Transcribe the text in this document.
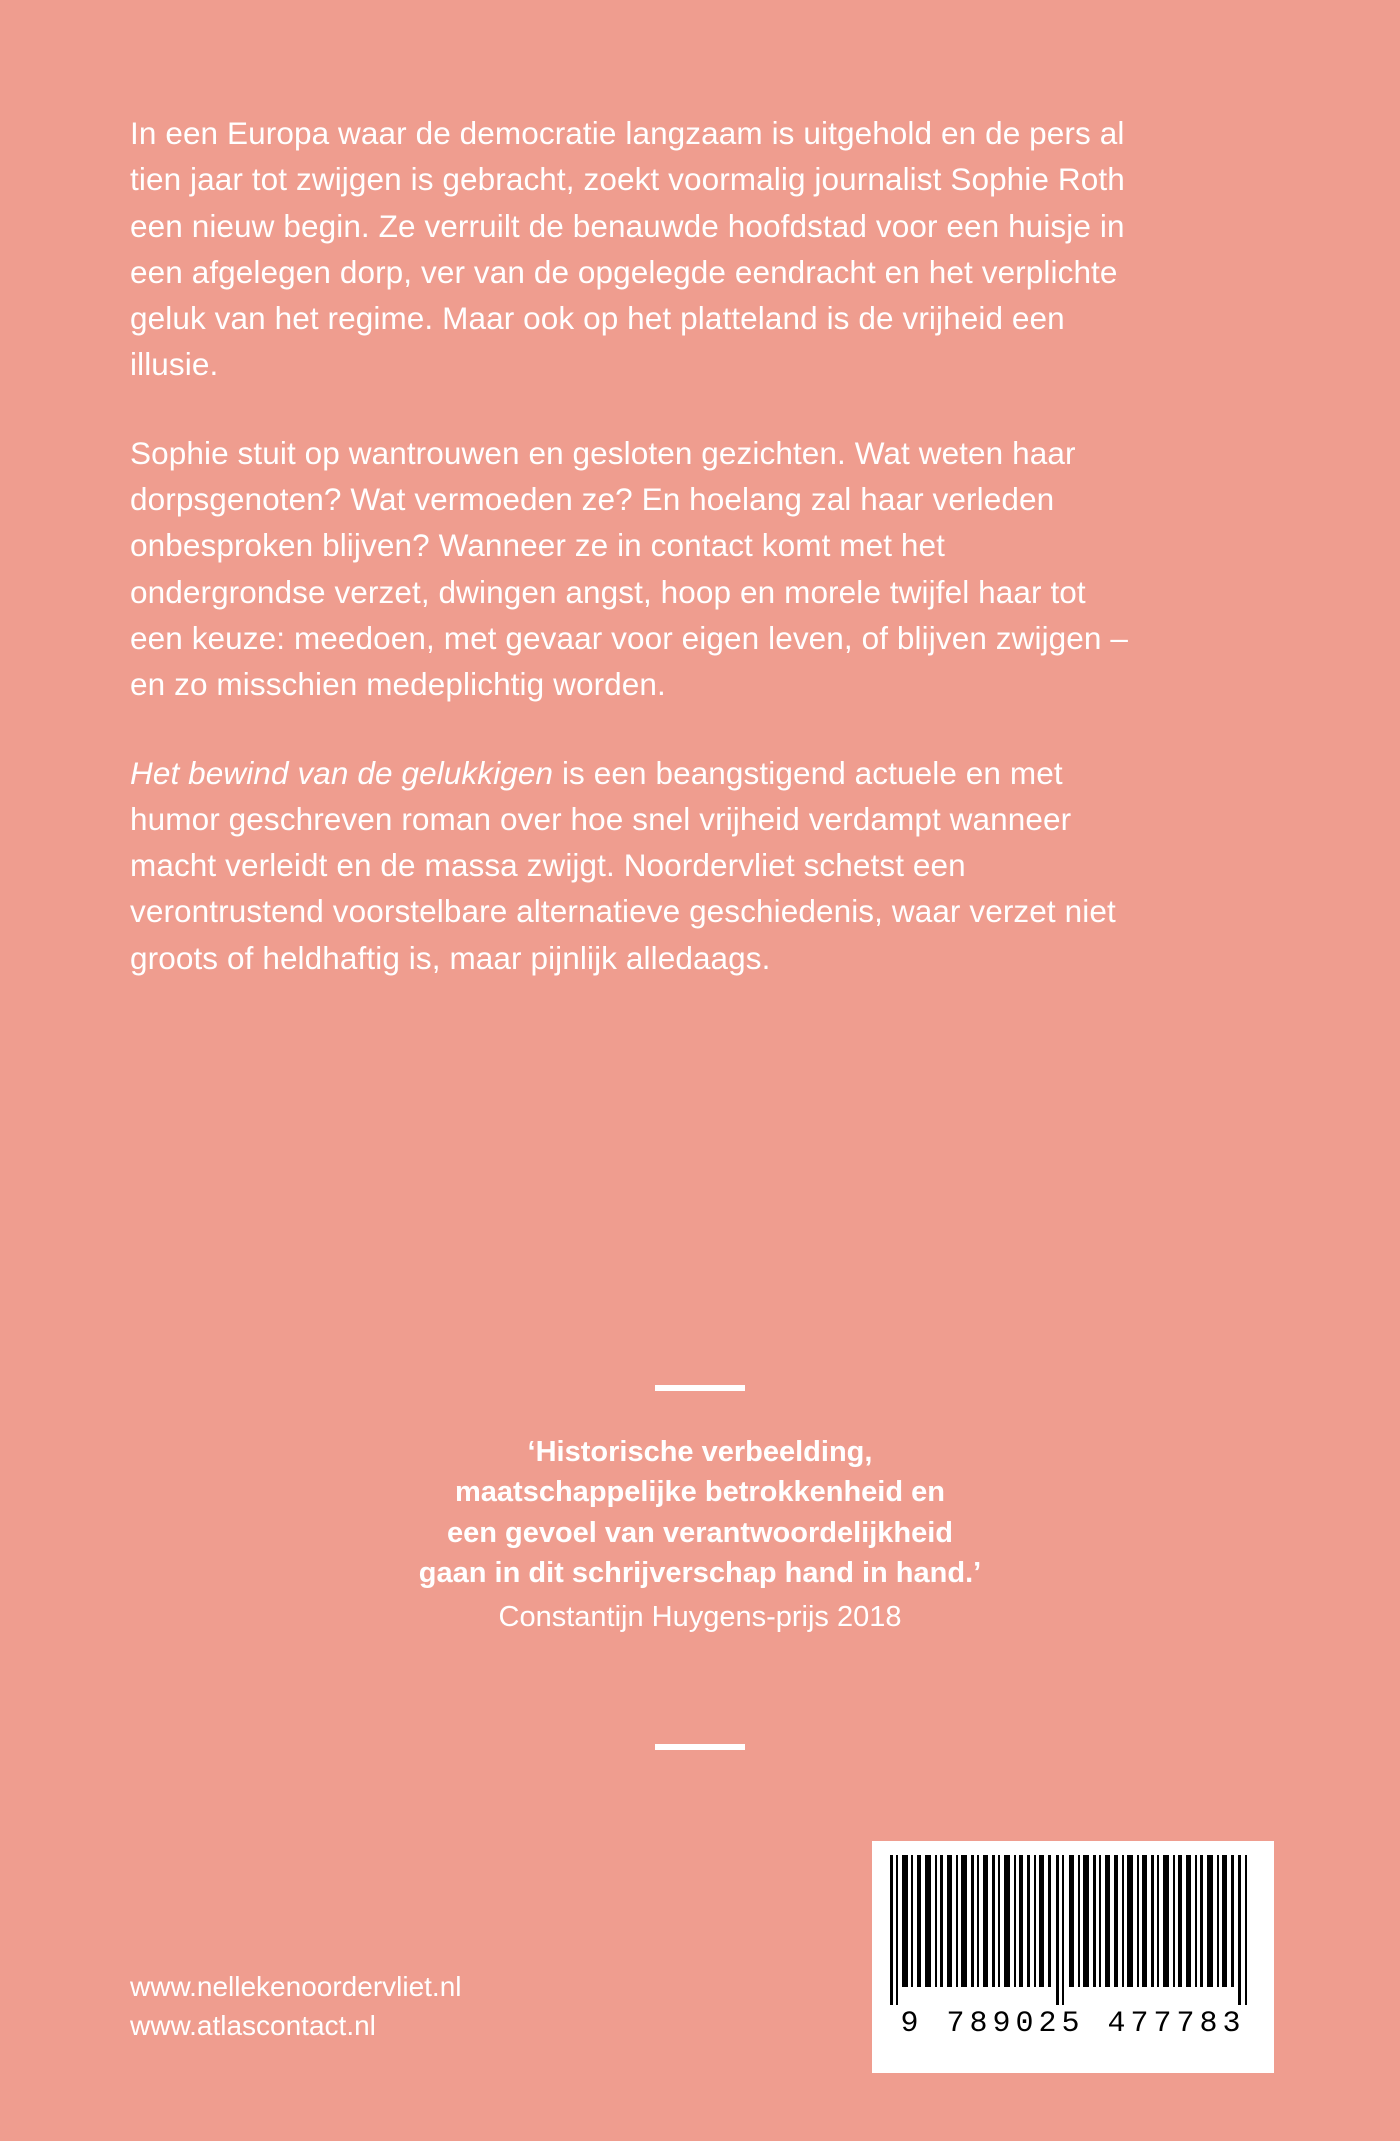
In een Europa waar de democratie langzaam is uitgehold en de pers al tien jaar tot zwijgen is gebracht, zoekt voormalig journalist Sophie Roth een nieuw begin. Ze verruilt de benauwde hoofdstad voor een huisje in een afgelegen dorp, ver van de opgelegde eendracht en het verplichte geluk van het regime. Maar ook op het platteland is de vrijheid een illusie.

Sophie stuit op wantrouwen en gesloten gezichten. Wat weten haar dorpsgenoten? Wat vermoeden ze? En hoelang zal haar verleden onbesproken blijven? Wanneer ze in contact komt met het ondergrondse verzet, dwingen angst, hoop en morele twijfel haar tot een keuze: meedoen, met gevaar voor eigen leven, of blijven zwijgen – en zo misschien medeplichtig worden.

Het bewind van de gelukkigen is een beangstigend actuele en met humor geschreven roman over hoe snel vrijheid verdampt wanneer macht verleidt en de massa zwijgt. Noordervliet schetst een verontrustend voorstelbare alternatieve geschiedenis, waar verzet niet groots of heldhaftig is, maar pijnlijk alledaags.

‘Historische verbeelding,
maatschappelijke betrokkenheid en
een gevoel van verantwoordelijkheid
gaan in dit schrijverschap hand in hand.’
Constantijn Huygens-prijs 2018
www.nellekenoordervliet.nl
www.atlascontact.nl	9 789025 477783
